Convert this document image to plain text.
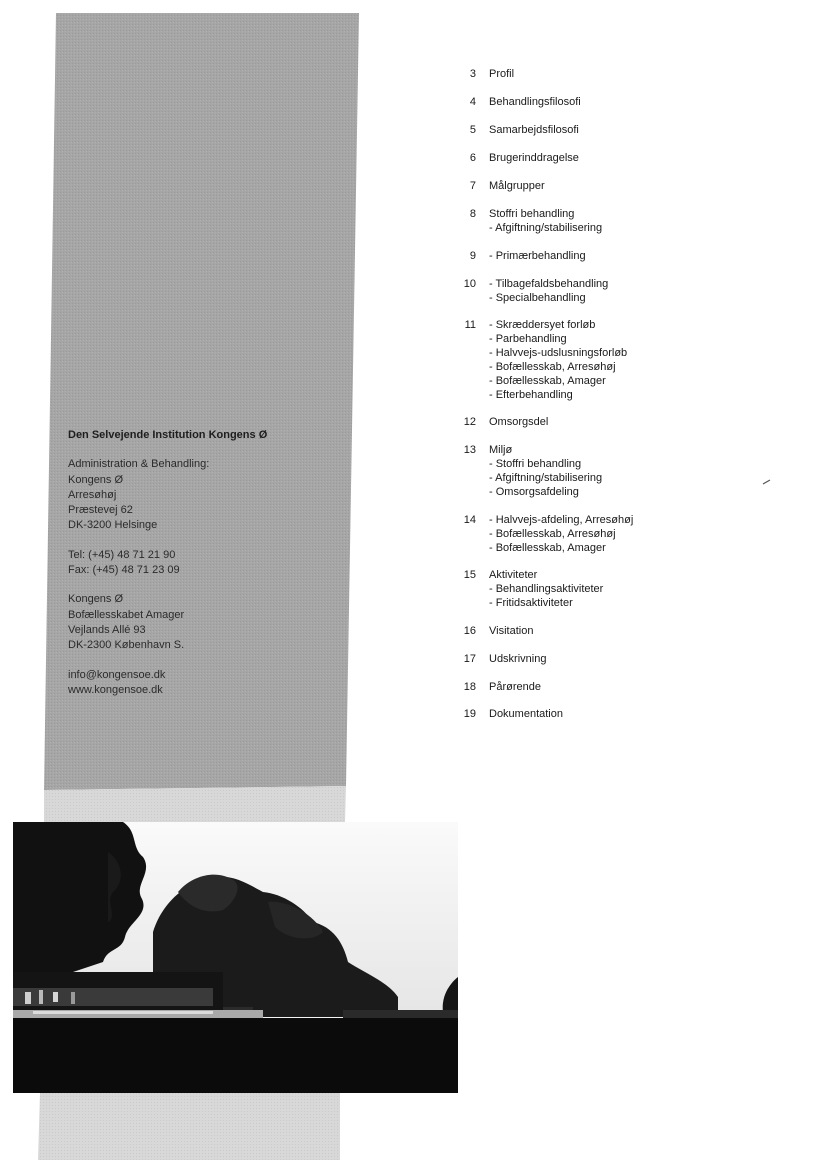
Den Selvejende Institution Kongens Ø
Administration & Behandling:
Kongens Ø
Arresøhøj
Præstevej 62
DK-3200 Helsinge
Tel: (+45) 48 71 21 90
Fax: (+45) 48 71 23 09
Kongens Ø
Bofællesskabet Amager
Vejlands Allé 93
DK-2300 København S.
info@kongensoe.dk
www.kongensoe.dk
3 Profil
4 Behandlingsfilosofi
5 Samarbejdsfilosofi
6 Brugerinddragelse
7 Målgrupper
8 Stoffri behandling
- Afgiftning/stabilisering
9 - Primærbehandling
10 - Tilbagefaldsbehandling
- Specialbehandling
11 - Skræddersyet forløb
- Parbehandling
- Halvvejs-udslusningsforløb
- Bofællesskab, Arresøhøj
- Bofællesskab, Amager
- Efterbehandling
12 Omsorgsdel
13 Miljø
- Stoffri behandling
- Afgiftning/stabilisering
- Omsorgsafdeling
14 - Halvvejs-afdeling, Arresøhøj
- Bofællesskab, Arresøhøj
- Bofællesskab, Amager
15 Aktiviteter
- Behandlingsaktiviteter
- Fritidsaktiviteter
16 Visitation
17 Udskrivning
18 Pårørende
19 Dokumentation
